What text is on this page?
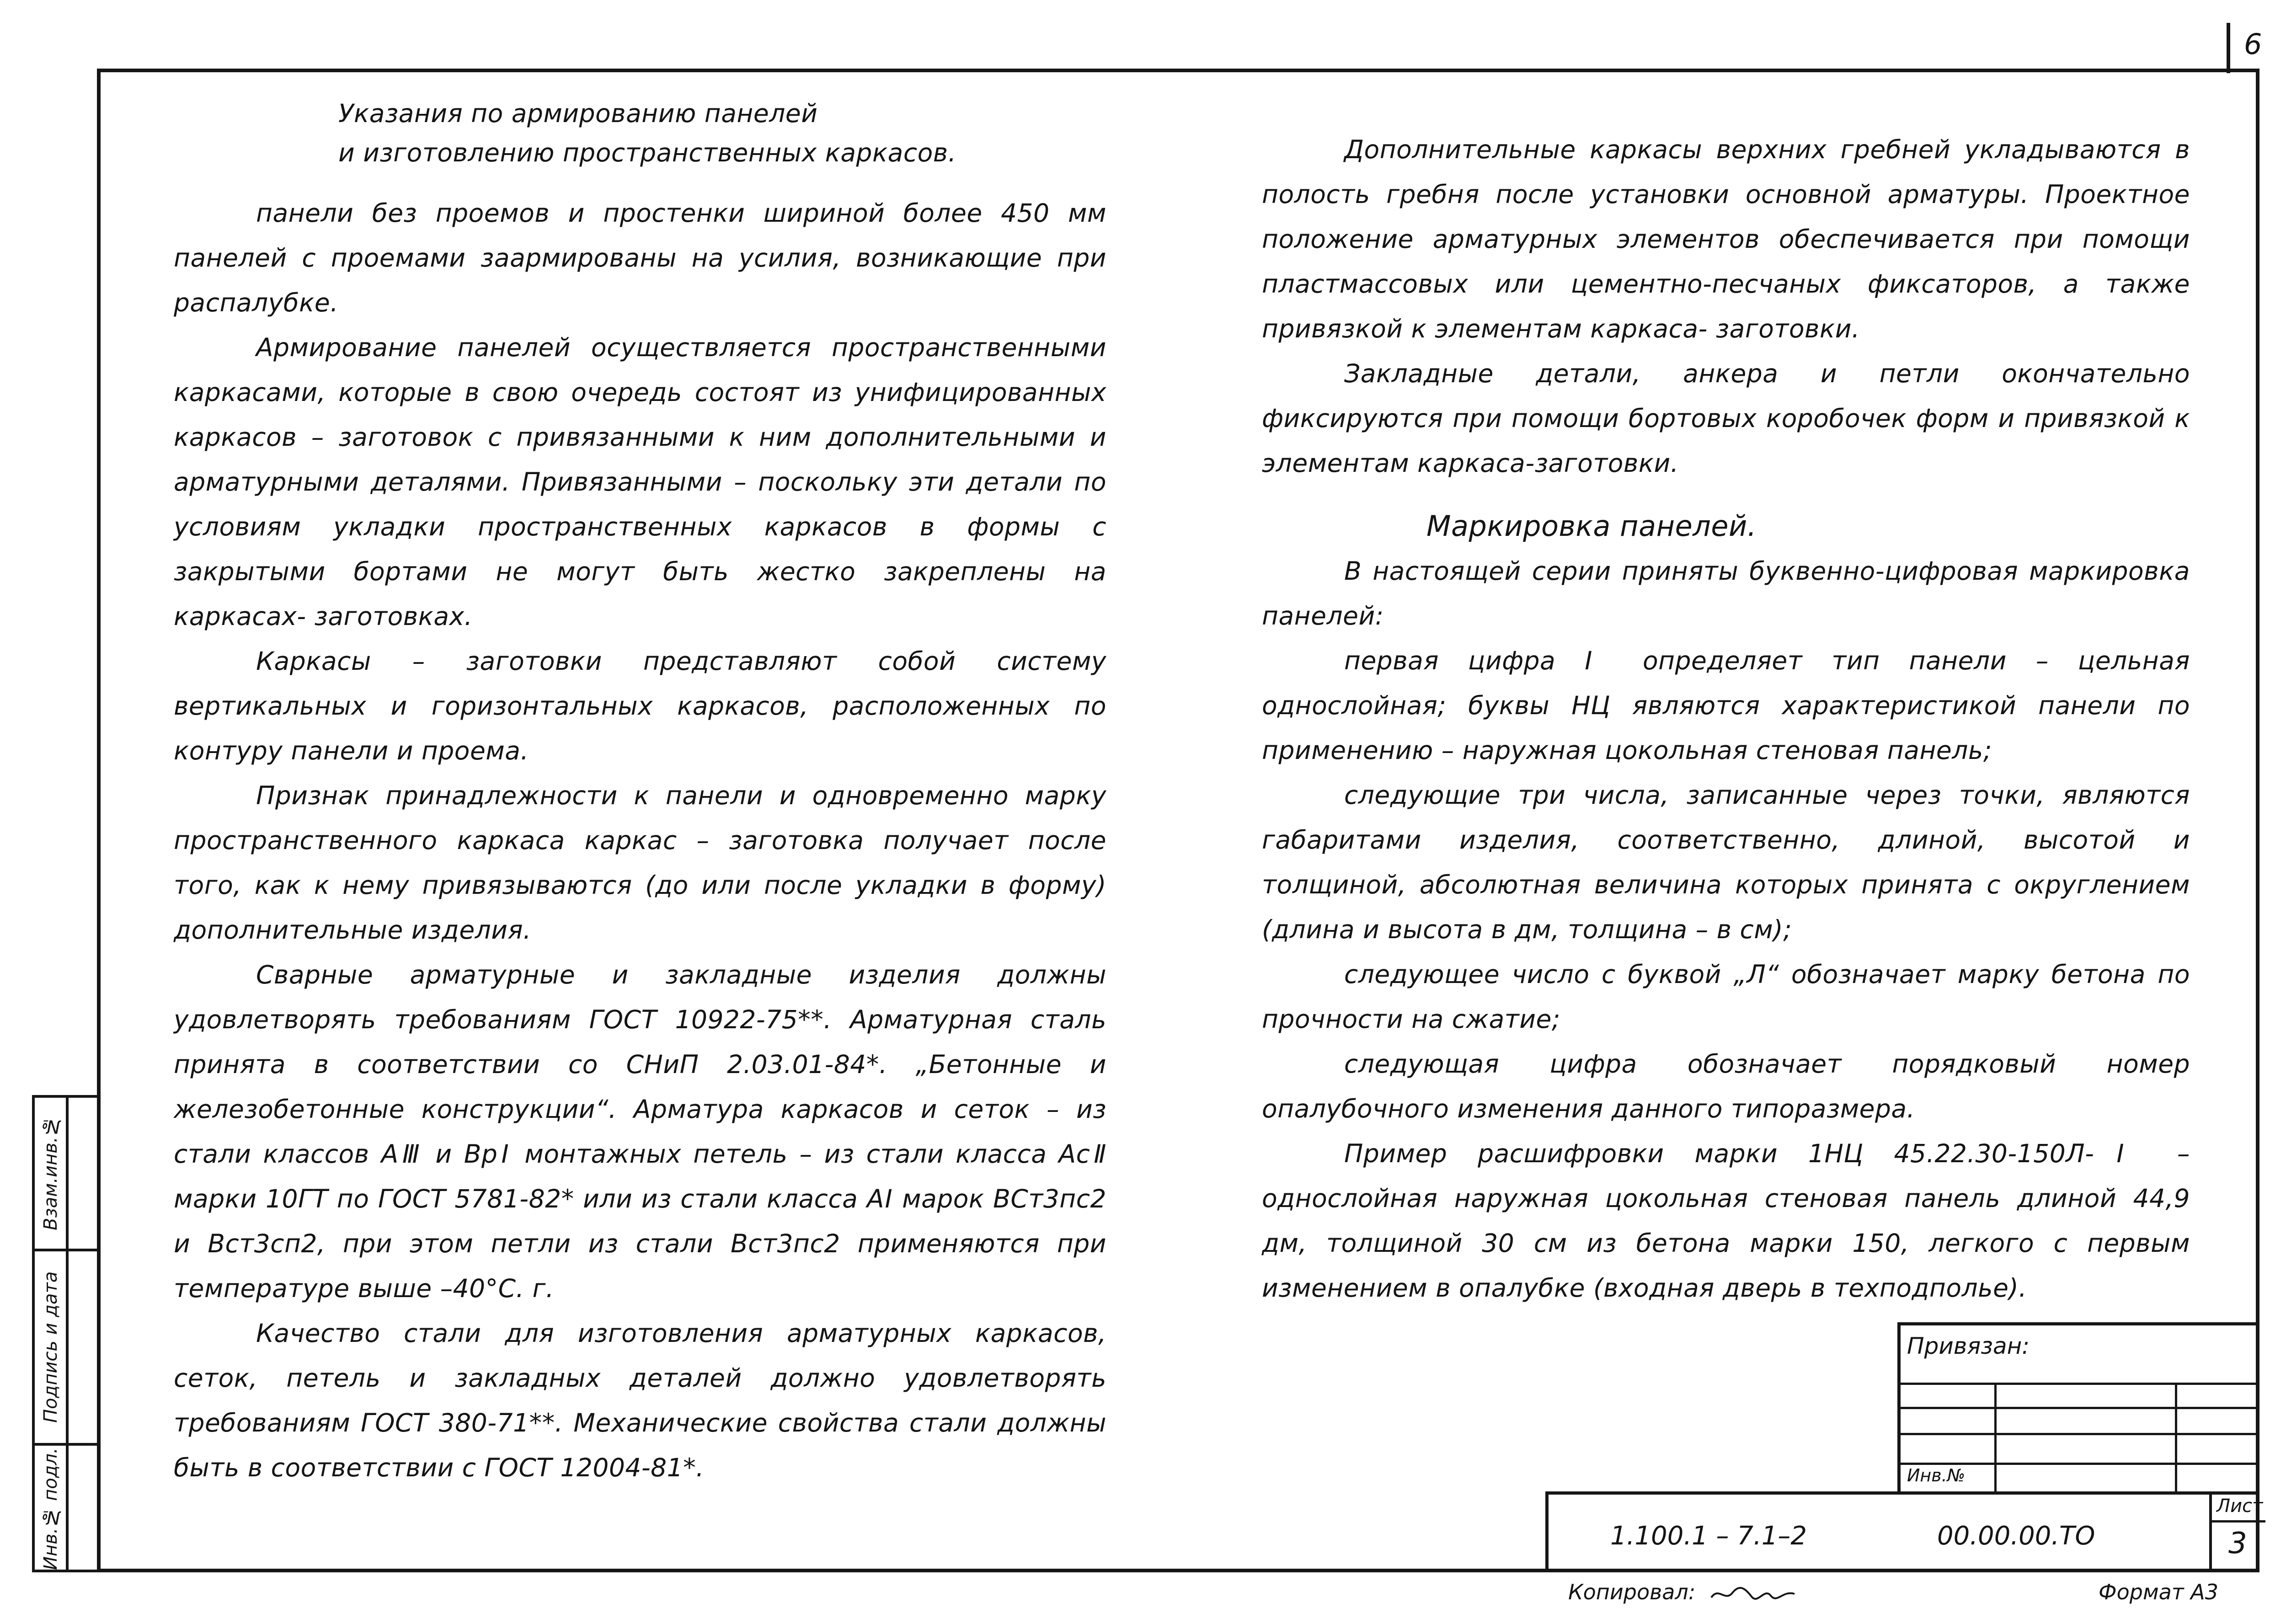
6
Указания по армированию панелей
и изготовлению пространственных каркасов.

панели без проемов и простенки шириной более 450 мм панелей с проемами заармированы на усилия, возникающие при распалубке.

Армирование панелей осуществляется пространственными каркасами, которые в свою очередь состоят из унифицированных каркасов – заготовок с привязанными к ним дополнительными и арматурными деталями. Привязанными – поскольку эти детали по условиям укладки пространственных каркасов в формы с закрытыми бортами не могут быть жестко закреплены на каркасах- заготовках.

Каркасы – заготовки представляют собой систему вертикальных и горизонтальных каркасов, расположенных по контуру панели и проема.

Признак принадлежности к панели и одновременно марку пространственного каркаса каркас – заготовка получает после того, как к нему привязываются (до или после укладки в форму) дополнительные изделия.

Сварные арматурные и закладные изделия должны удовлетворять требованиям ГОСТ 10922-75**. Арматурная сталь принята в соответствии со СНиП 2.03.01-84*. „Бетонные и железобетонные конструкции“. Арматура каркасов и сеток – из стали классов АⅢ и ВрⅠ монтажных петель – из стали класса АсⅡ марки 10ГТ по ГОСТ 5781-82* или из стали класса АⅠ марок ВСт3пс2 и Вст3сп2, при этом петли из стали Вст3пс2 применяются при температуре выше –40°С. г.

Качество стали для изготовления арматурных каркасов, сеток, петель и закладных деталей должно удовлетворять требованиям ГОСТ 380-71**. Механические свойства стали должны быть в соответствии с ГОСТ 12004-81*.

Дополнительные каркасы верхних гребней укладываются в полость гребня после установки основной арматуры. Проектное положение арматурных элементов обеспечивается при помощи пластмассовых или цементно-песчаных фиксаторов, а также привязкой к элементам каркаса- заготовки.

Закладные детали, анкера и петли окончательно фиксируются при помощи бортовых коробочек форм и привязкой к элементам каркаса-заготовки.

Маркировка панелей.

В настоящей серии приняты буквенно-цифровая маркировка панелей:

первая цифра Ⅰ определяет тип панели – цельная однослойная; буквы НЦ являются характеристикой панели по применению – наружная цокольная стеновая панель;

следующие три числа, записанные через точки, являются габаритами изделия, соответственно, длиной, высотой и толщиной, абсолютная величина которых принята с округлением (длина и высота в дм, толщина – в см);

следующее число с буквой „Л“ обозначает марку бетона по прочности на сжатие;

следующая цифра обозначает порядковый номер опалубочного изменения данного типоразмера.

Пример расшифровки марки 1НЦ 45.22.30-150Л-Ⅰ – однослойная наружная цокольная стеновая панель длиной 44,9 дм, толщиной 30 см из бетона марки 150, легкого с первым изменением в опалубке (входная дверь в техподполье).

Взам.инв.№
Подпись и дата
Инв.№ подл.
Привязан:
Инв.№
1.100.1 – 7.1–2	00.00.00.ТО
Лист
3
Копировал:	Формат А3
